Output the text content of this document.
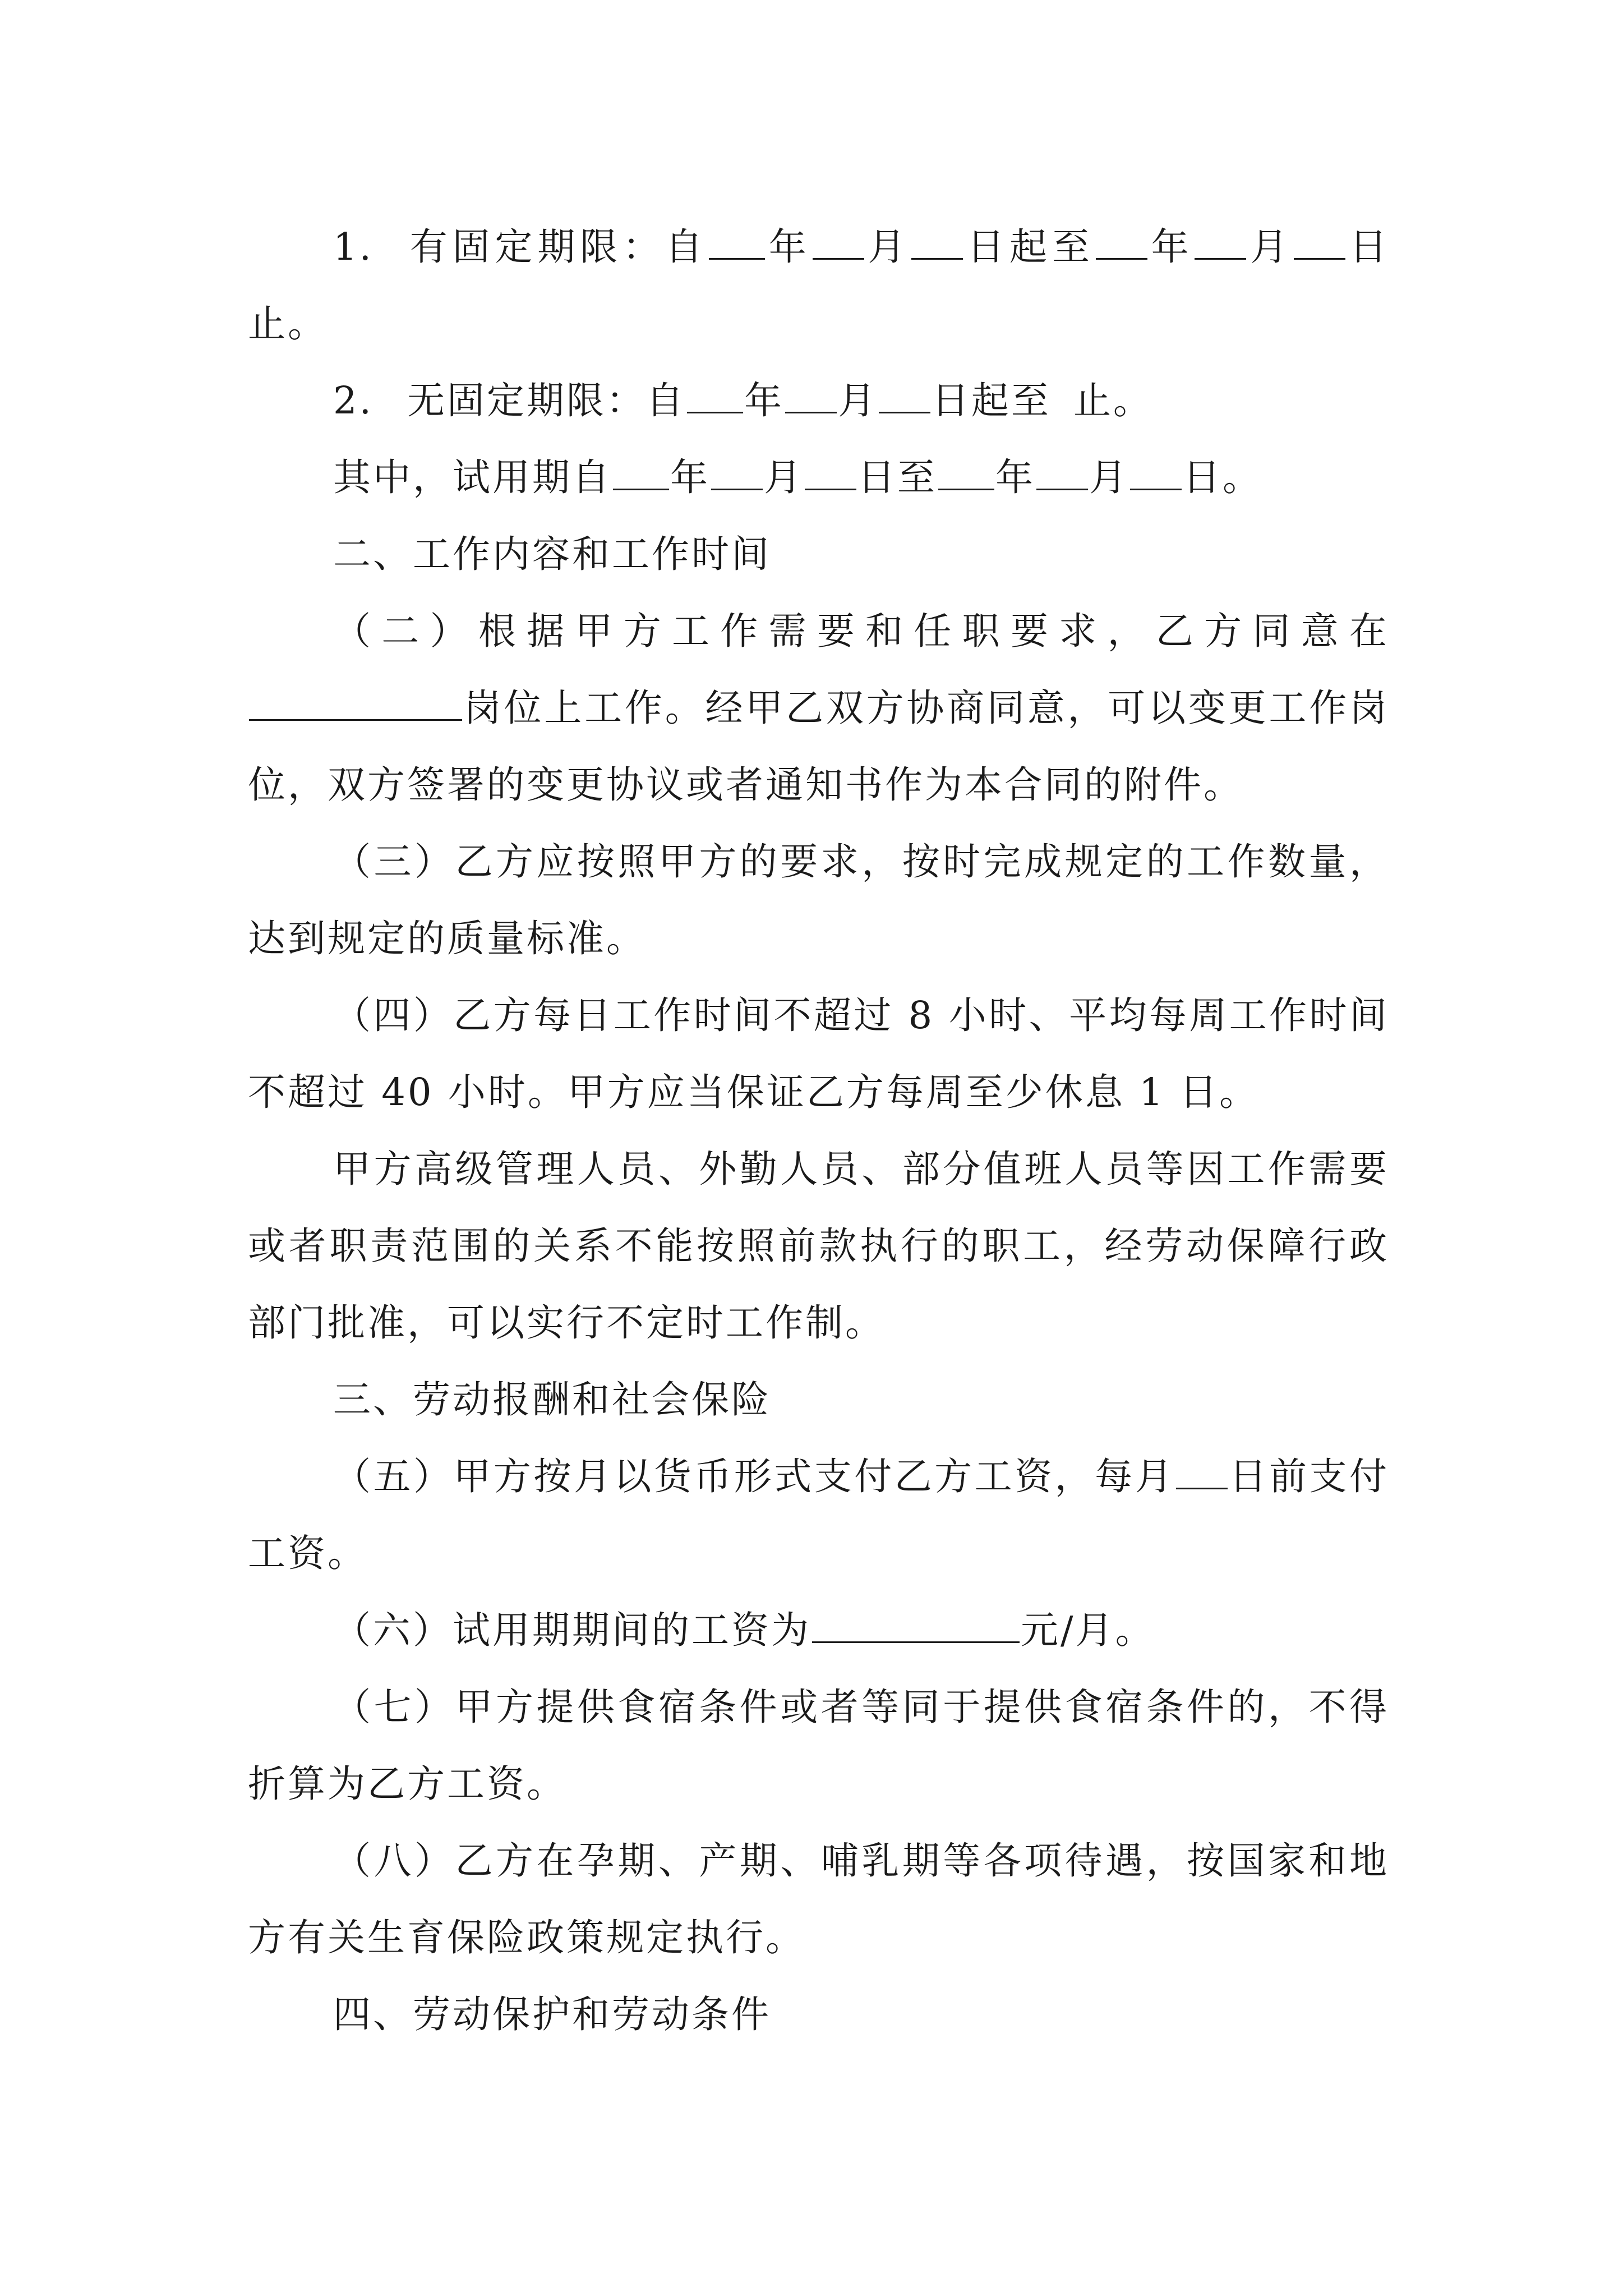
1. 有固定期限：自 年 月 日起至 年 月 日止。

2. 无固定期限：自 年 月 日起至 止。

其中，试用期自 年 月 日至 年 月 日。

二、工作内容和工作时间

（二）根据甲方工作需要和任职要求，乙方同意在岗位上工作。经甲乙双方协商同意，可以变更工作岗位，双方签署的变更协议或者通知书作为本合同的附件。

（三）乙方应按照甲方的要求，按时完成规定的工作数量，达到规定的质量标准。

（四）乙方每日工作时间不超过 8 小时、平均每周工作时间不超过 40 小时。甲方应当保证乙方每周至少休息 1 日。

甲方高级管理人员、外勤人员、部分值班人员等因工作需要或者职责范围的关系不能按照前款执行的职工，经劳动保障行政部门批准，可以实行不定时工作制。

三、劳动报酬和社会保险

（五）甲方按月以货币形式支付乙方工资，每月 日前支付工资。

（六）试用期期间的工资为	元/月。

（七）甲方提供食宿条件或者等同于提供食宿条件的，不得折算为乙方工资。

（八）乙方在孕期、产期、哺乳期等各项待遇，按国家和地方有关生育保险政策规定执行。

四、劳动保护和劳动条件
